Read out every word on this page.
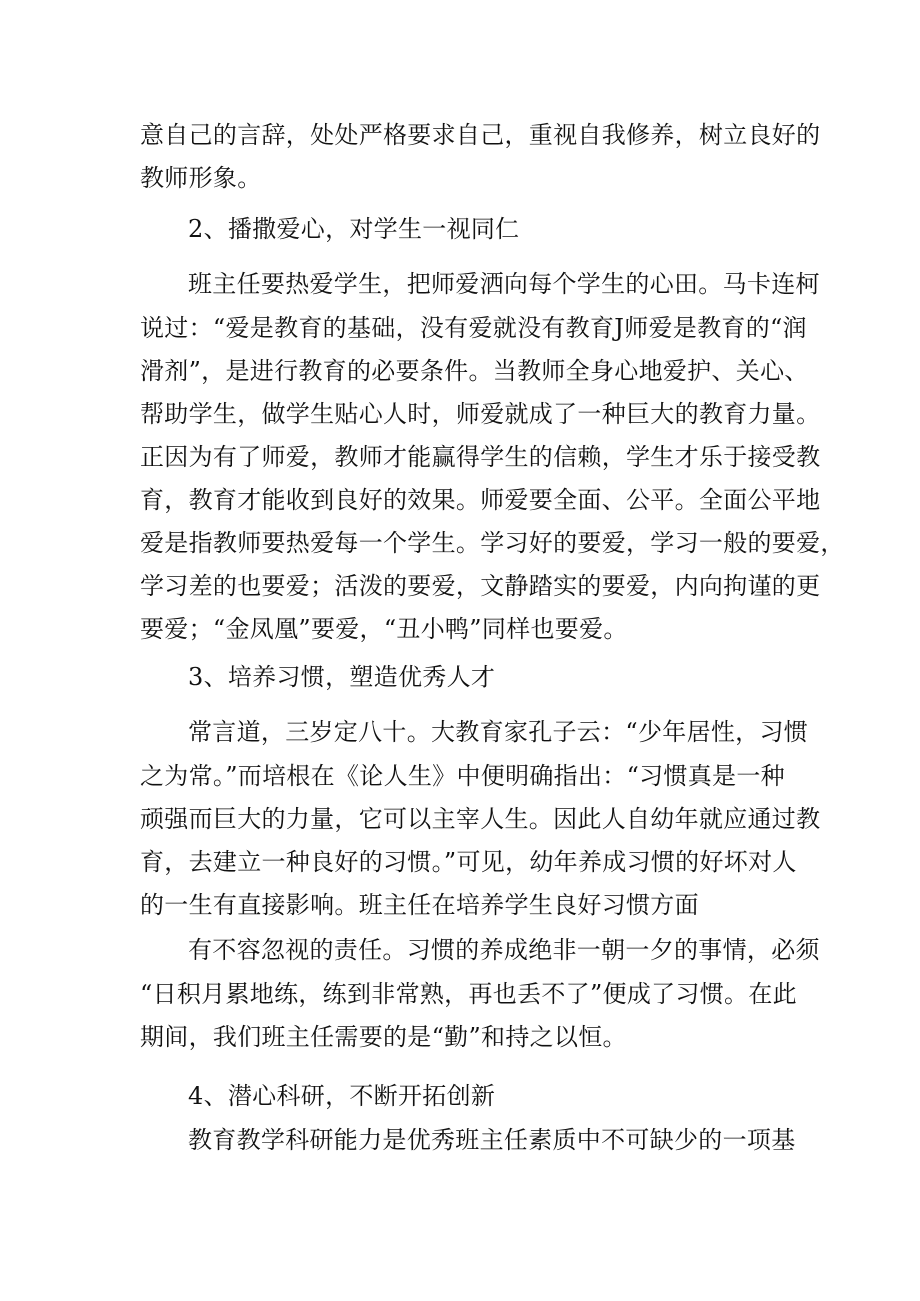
意自己的言辞，处处严格要求自己，重视自我修养，树立良好的
教师形象。
2、播撒爱心，对学生一视同仁
班主任要热爱学生，把师爱洒向每个学生的心田。马卡连柯
说过：“爱是教育的基础，没有爱就没有教育J师爱是教育的“润
滑剂”，是进行教育的必要条件。当教师全身心地爱护、关心、
帮助学生，做学生贴心人时，师爱就成了一种巨大的教育力量。
正因为有了师爱，教师才能赢得学生的信赖，学生才乐于接受教
育，教育才能收到良好的效果。师爱要全面、公平。全面公平地
爱是指教师要热爱每一个学生。学习好的要爱，学习一般的要爱，
学习差的也要爱；活泼的要爱，文静踏实的要爱，内向拘谨的更
要爱；“金凤凰”要爱，“丑小鸭”同样也要爱。
3、培养习惯，塑造优秀人才
常言道，三岁定八十。大教育家孔子云：“少年居性，习惯
之为常。”而培根在《论人生》中便明确指出：“习惯真是一种
顽强而巨大的力量，它可以主宰人生。因此人自幼年就应通过教
育，去建立一种良好的习惯。”可见，幼年养成习惯的好坏对人
的一生有直接影响。班主任在培养学生良好习惯方面
有不容忽视的责任。习惯的养成绝非一朝一夕的事情，必须
“日积月累地练，练到非常熟，再也丢不了”便成了习惯。在此
期间，我们班主任需要的是“勤”和持之以恒。
4、潜心科研，不断开拓创新
教育教学科研能力是优秀班主任素质中不可缺少的一项基
